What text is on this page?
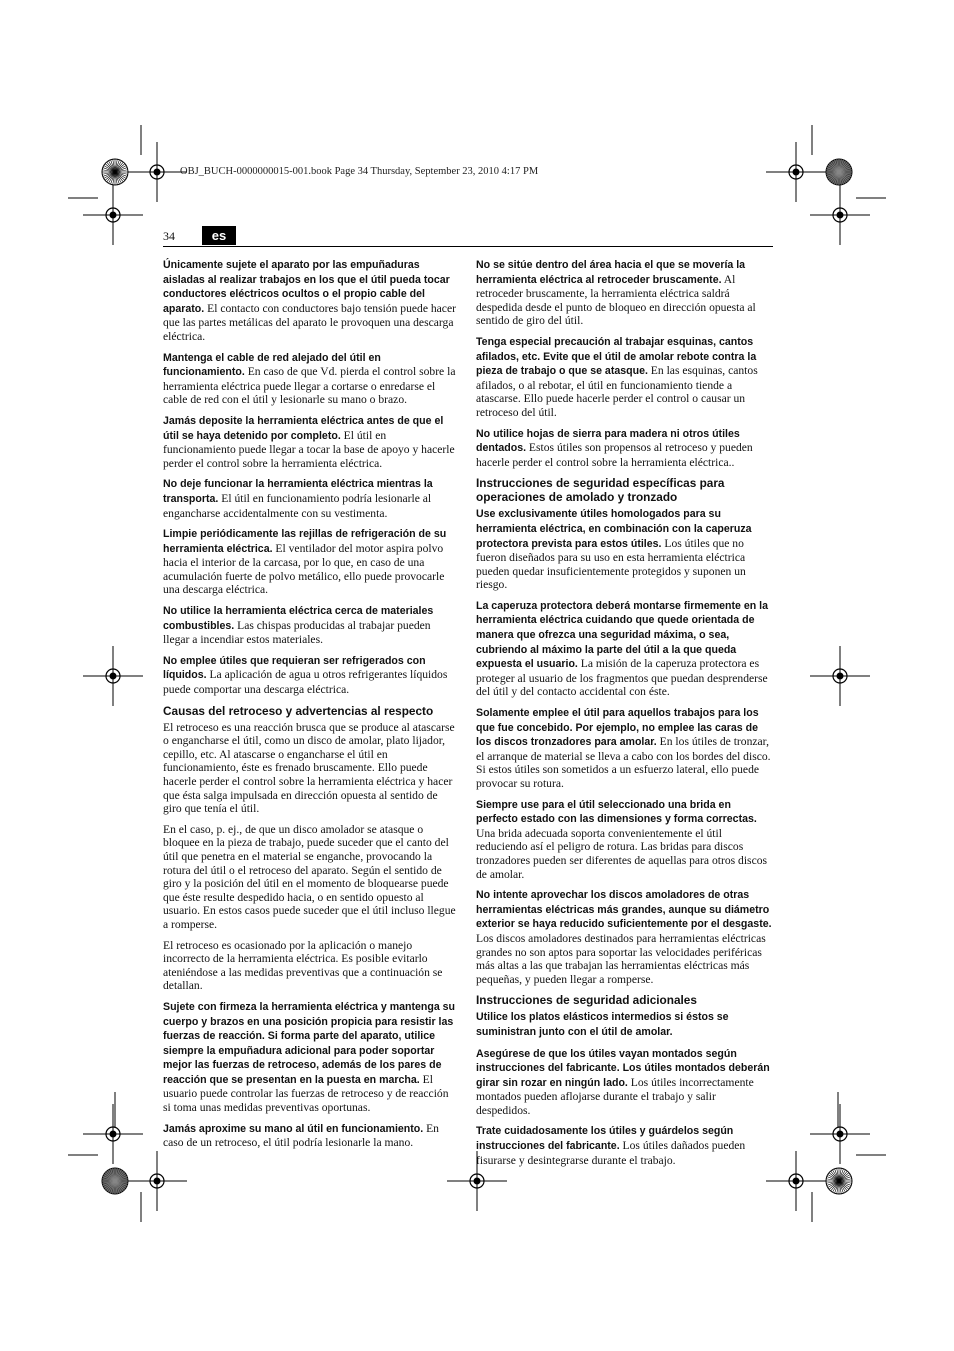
OBJ_BUCH-0000000015-001.book Page 34 Thursday, September 23, 2010 4:17 PM
34	es

Únicamente sujete el aparato por las empuñaduras aisladas al realizar trabajos en los que el útil pueda tocar conductores eléctricos ocultos o el propio cable del aparato. El contacto con conductores bajo tensión puede hacer que las partes metálicas del aparato le provoquen una descarga eléctrica.

Mantenga el cable de red alejado del útil en funcionamiento. En caso de que Vd. pierda el control sobre la herramienta eléctrica puede llegar a cortarse o enredarse el cable de red con el útil y lesionarle su mano o brazo.

Jamás deposite la herramienta eléctrica antes de que el útil se haya detenido por completo. El útil en funcionamiento puede llegar a tocar la base de apoyo y hacerle perder el control sobre la herramienta eléctrica.

No deje funcionar la herramienta eléctrica mientras la transporta. El útil en funcionamiento podría lesionarle al engancharse accidentalmente con su vestimenta.

Limpie periódicamente las rejillas de refrigeración de su herramienta eléctrica. El ventilador del motor aspira polvo hacia el interior de la carcasa, por lo que, en caso de una acumulación fuerte de polvo metálico, ello puede provocarle una descarga eléctrica.

No utilice la herramienta eléctrica cerca de materiales combustibles. Las chispas producidas al trabajar pueden llegar a incendiar estos materiales.

No emplee útiles que requieran ser refrigerados con líquidos. La aplicación de agua u otros refrigerantes líquidos puede comportar una descarga eléctrica.

Causas del retroceso y advertencias al respecto

El retroceso es una reacción brusca que se produce al atascarse o engancharse el útil, como un disco de amolar, plato lijador, cepillo, etc. Al atascarse o engancharse el útil en funcionamiento, éste es frenado bruscamente. Ello puede hacerle perder el control sobre la herramienta eléctrica y hacer que ésta salga impulsada en dirección opuesta al sentido de giro que tenía el útil.

En el caso, p. ej., de que un disco amolador se atasque o bloquee en la pieza de trabajo, puede suceder que el canto del útil que penetra en el material se enganche, provocando la rotura del útil o el retroceso del aparato. Según el sentido de giro y la posición del útil en el momento de bloquearse puede que éste resulte despedido hacia, o en sentido opuesto al usuario. En estos casos puede suceder que el útil incluso llegue a romperse.

El retroceso es ocasionado por la aplicación o manejo incorrecto de la herramienta eléctrica. Es posible evitarlo ateniéndose a las medidas preventivas que a continuación se detallan.

Sujete con firmeza la herramienta eléctrica y mantenga su cuerpo y brazos en una posición propicia para resistir las fuerzas de reacción. Si forma parte del aparato, utilice siempre la empuñadura adicional para poder soportar mejor las fuerzas de retroceso, además de los pares de reacción que se presentan en la puesta en marcha. El usuario puede controlar las fuerzas de retroceso y de reacción si toma unas medidas preventivas oportunas.

Jamás aproxime su mano al útil en funcionamiento. En caso de un retroceso, el útil podría lesionarle la mano.

No se sitúe dentro del área hacia el que se movería la herramienta eléctrica al retroceder bruscamente. Al retroceder bruscamente, la herramienta eléctrica saldrá despedida desde el punto de bloqueo en dirección opuesta al sentido de giro del útil.

Tenga especial precaución al trabajar esquinas, cantos afilados, etc. Evite que el útil de amolar rebote contra la pieza de trabajo o que se atasque. En las esquinas, cantos afilados, o al rebotar, el útil en funcionamiento tiende a atascarse. Ello puede hacerle perder el control o causar un retroceso del útil.

No utilice hojas de sierra para madera ni otros útiles dentados. Estos útiles son propensos al retroceso y pueden hacerle perder el control sobre la herramienta eléctrica..

Instrucciones de seguridad específicas para operaciones de amolado y tronzado

Use exclusivamente útiles homologados para su herramienta eléctrica, en combinación con la caperuza protectora prevista para estos útiles. Los útiles que no fueron diseñados para su uso en esta herramienta eléctrica pueden quedar insuficientemente protegidos y suponen un riesgo.

La caperuza protectora deberá montarse firmemente en la herramienta eléctrica cuidando que quede orientada de manera que ofrezca una seguridad máxima, o sea, cubriendo al máximo la parte del útil a la que queda expuesta el usuario. La misión de la caperuza protectora es proteger al usuario de los fragmentos que puedan desprenderse del útil y del contacto accidental con éste.

Solamente emplee el útil para aquellos trabajos para los que fue concebido. Por ejemplo, no emplee las caras de los discos tronzadores para amolar. En los útiles de tronzar, el arranque de material se lleva a cabo con los bordes del disco. Si estos útiles son sometidos a un esfuerzo lateral, ello puede provocar su rotura.

Siempre use para el útil seleccionado una brida en perfecto estado con las dimensiones y forma correctas. Una brida adecuada soporta convenientemente el útil reduciendo así el peligro de rotura. Las bridas para discos tronzadores pueden ser diferentes de aquellas para otros discos de amolar.

No intente aprovechar los discos amoladores de otras herramientas eléctricas más grandes, aunque su diámetro exterior se haya reducido suficientemente por el desgaste. Los discos amoladores destinados para herramientas eléctricas grandes no son aptos para soportar las velocidades periféricas más altas a las que trabajan las herramientas eléctricas más pequeñas, y pueden llegar a romperse.

Instrucciones de seguridad adicionales

Utilice los platos elásticos intermedios si éstos se suministran junto con el útil de amolar.

Asegúrese de que los útiles vayan montados según instrucciones del fabricante. Los útiles montados deberán girar sin rozar en ningún lado. Los útiles incorrectamente montados pueden aflojarse durante el trabajo y salir despedidos.

Trate cuidadosamente los útiles y guárdelos según instrucciones del fabricante. Los útiles dañados pueden fisurarse y desintegrarse durante el trabajo.
